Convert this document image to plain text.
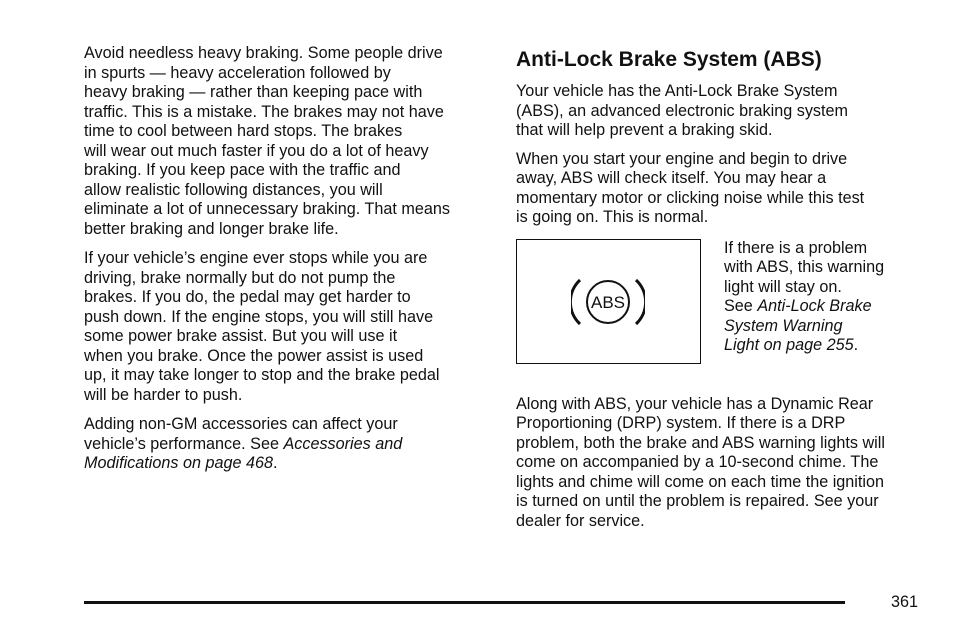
Avoid needless heavy braking. Some people drive
in spurts — heavy acceleration followed by
heavy braking — rather than keeping pace with
traffic. This is a mistake. The brakes may not have
time to cool between hard stops. The brakes
will wear out much faster if you do a lot of heavy
braking. If you keep pace with the traffic and
allow realistic following distances, you will
eliminate a lot of unnecessary braking. That means
better braking and longer brake life.

If your vehicle’s engine ever stops while you are
driving, brake normally but do not pump the
brakes. If you do, the pedal may get harder to
push down. If the engine stops, you will still have
some power brake assist. But you will use it
when you brake. Once the power assist is used
up, it may take longer to stop and the brake pedal
will be harder to push.

Adding non-GM accessories can affect your
vehicle’s performance. See Accessories and
Modifications on page 468.

Anti-Lock Brake System (ABS)

Your vehicle has the Anti-Lock Brake System
(ABS), an advanced electronic braking system
that will help prevent a braking skid.

When you start your engine and begin to drive
away, ABS will check itself. You may hear a
momentary motor or clicking noise while this test
is going on. This is normal.

ABS

If there is a problem
with ABS, this warning
light will stay on.
See Anti-Lock Brake
System Warning
Light on page 255.

Along with ABS, your vehicle has a Dynamic Rear
Proportioning (DRP) system. If there is a DRP
problem, both the brake and ABS warning lights will
come on accompanied by a 10-second chime. The
lights and chime will come on each time the ignition
is turned on until the problem is repaired. See your
dealer for service.

361
